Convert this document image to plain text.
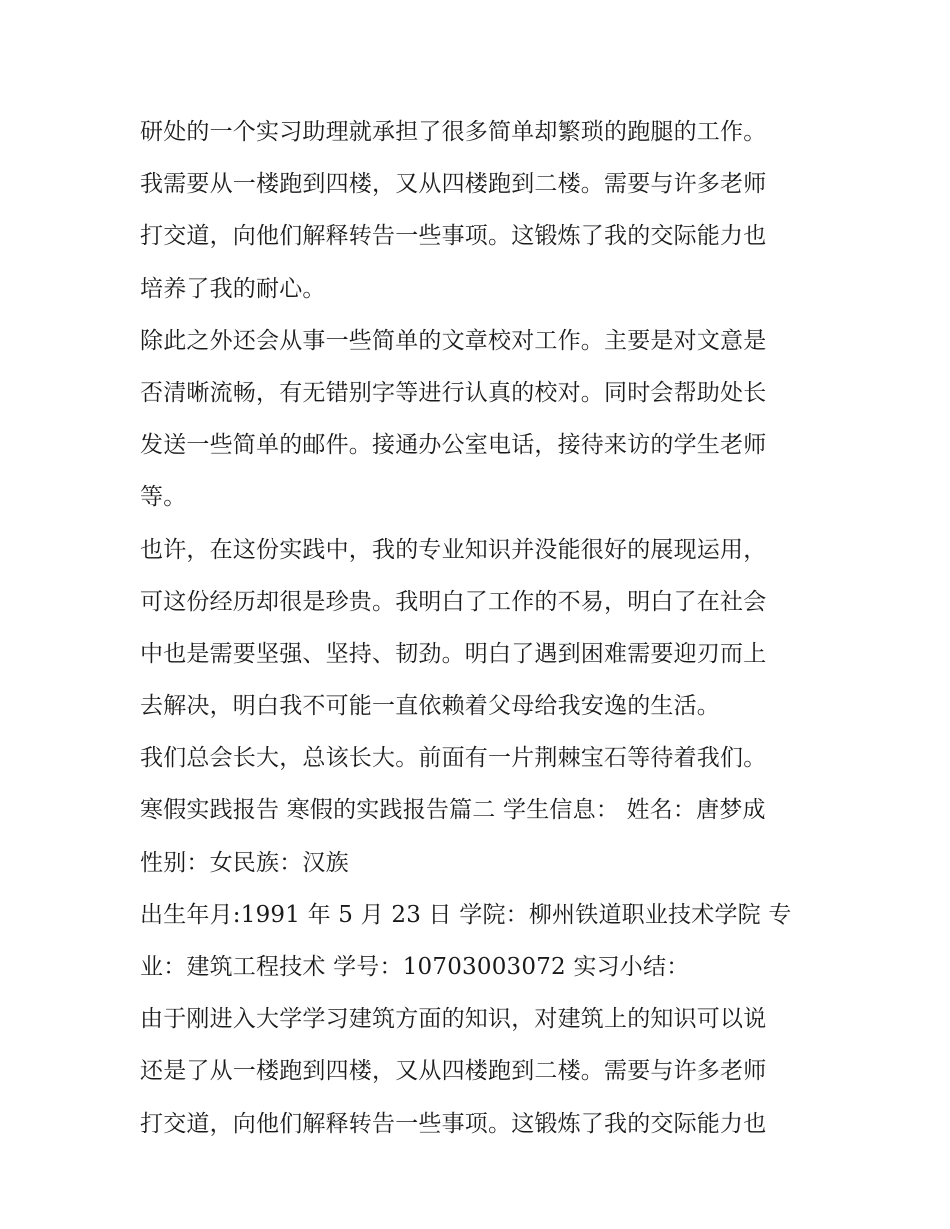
研处的一个实习助理就承担了很多简单却繁琐的跑腿的工作。
我需要从一楼跑到四楼，又从四楼跑到二楼。需要与许多老师
打交道，向他们解释转告一些事项。这锻炼了我的交际能力也
培养了我的耐心。
除此之外还会从事一些简单的文章校对工作。主要是对文意是
否清晰流畅，有无错别字等进行认真的校对。同时会帮助处长
发送一些简单的邮件。接通办公室电话，接待来访的学生老师
等。
也许，在这份实践中，我的专业知识并没能很好的展现运用，
可这份经历却很是珍贵。我明白了工作的不易，明白了在社会
中也是需要坚强、坚持、韧劲。明白了遇到困难需要迎刃而上
去解决，明白我不可能一直依赖着父母给我安逸的生活。
我们总会长大，总该长大。前面有一片荆棘宝石等待着我们。
寒假实践报告 寒假的实践报告篇二 学生信息： 姓名：唐梦成
性别：女民族：汉族
出生年月:1991 年 5 月 23 日 学院：柳州铁道职业技术学院 专
业：建筑工程技术 学号：10703003072 实习小结：
由于刚进入大学学习建筑方面的知识，对建筑上的知识可以说
还是了从一楼跑到四楼，又从四楼跑到二楼。需要与许多老师
打交道，向他们解释转告一些事项。这锻炼了我的交际能力也
